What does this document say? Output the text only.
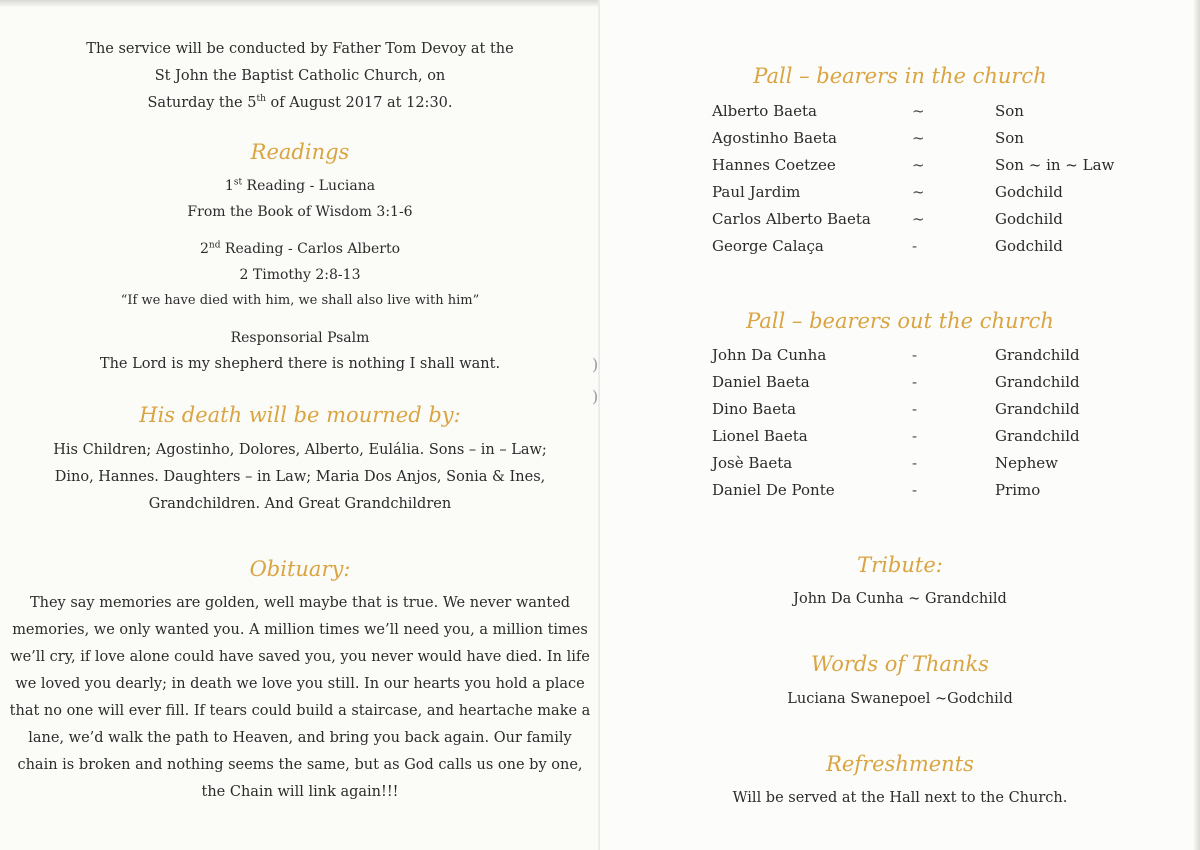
The service will be conducted by Father Tom Devoy at the
St John the Baptist Catholic Church, on
Saturday the 5th of August 2017 at 12:30.
Readings
1st Reading - Luciana
From the Book of Wisdom 3:1-6
2nd Reading - Carlos Alberto
2 Timothy 2:8-13
“If we have died with him, we shall also live with him”
Responsorial Psalm
The Lord is my shepherd there is nothing I shall want.
His death will be mourned by:
His Children; Agostinho, Dolores, Alberto, Eulália. Sons – in – Law;
Dino, Hannes. Daughters – in Law; Maria Dos Anjos, Sonia & Ines,
Grandchildren. And Great Grandchildren
Obituary:
They say memories are golden, well maybe that is true. We never wanted
memories, we only wanted you. A million times we’ll need you, a million times
we’ll cry, if love alone could have saved you, you never would have died. In life
we loved you dearly; in death we love you still. In our hearts you hold a place
that no one will ever fill. If tears could build a staircase, and heartache make a
lane, we’d walk the path to Heaven, and bring you back again. Our family
chain is broken and nothing seems the same, but as God calls us one by one,
the Chain will link again!!!
)
)
Pall – bearers in the church
Alberto Baeta	~	Son
Agostinho Baeta	~	Son
Hannes Coetzee	~	Son ~ in ~ Law
Paul Jardim	~	Godchild
Carlos Alberto Baeta	~	Godchild
George Calaça	-	Godchild
Pall – bearers out the church
John Da Cunha	-	Grandchild
Daniel Baeta	-	Grandchild
Dino Baeta	-	Grandchild
Lionel Baeta	-	Grandchild
Josè Baeta	-	Nephew
Daniel De Ponte	-	Primo
Tribute:
John Da Cunha ~ Grandchild
Words of Thanks
Luciana Swanepoel ~Godchild
Refreshments
Will be served at the Hall next to the Church.
